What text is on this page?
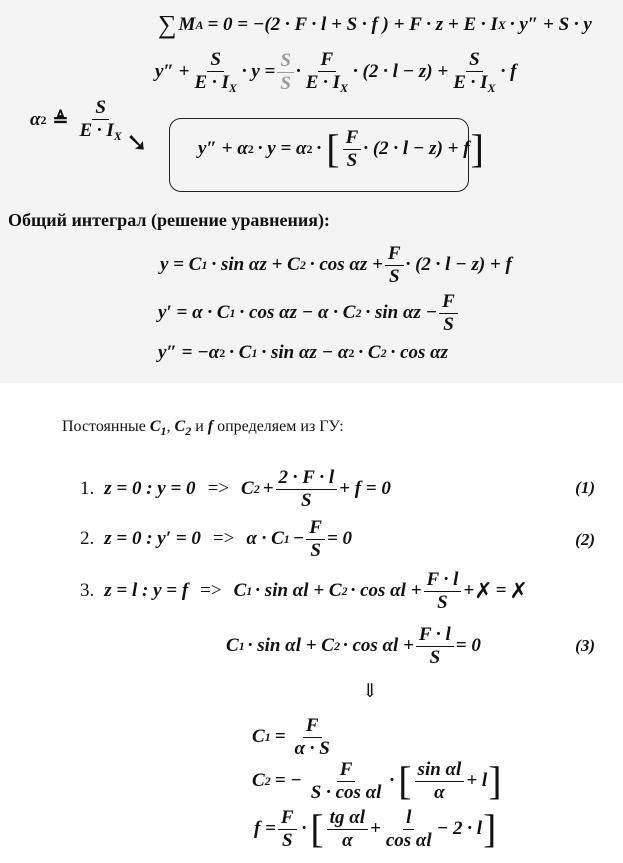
∑ M A = 0 = −(2 · F · l + S · f ) + F · z + E · I X · y″ + S · y
$y'' + \frac{S}{E \cdot I_X} \cdot y = \frac{S}{S} \cdot \frac{F}{E \cdot I_X} \cdot (2 \cdot l - z) + \frac{S}{E \cdot I_X} \cdot f$
α 2 ≜ $\frac{S}{E \cdot I_X}$ ➘	y″ + α 2 · y = α 2 · [ $\frac{F}{S} \cdot (2 \cdot l - z) + f$ ]
Общий интеграл (решение уравнения):
y = C 1 · sin αz + C $2 \cdot \cos \alpha z + \frac{F}{S} \cdot (2 \cdot l - z) + f$
y′ = α · C 1 · cos αz − α · C $2 \cdot \sin \alpha z - \frac{F}{S}$
y″ = −α 2 · C 1 · sin αz − α 2 · C 2 · cos αz
Постоянные $C_1$, $C_2$ и f определяем из ГУ:
1. z = 0 : y = 0 => C $2 + \frac{2 \cdot F \cdot l}{S} + f = 0$	(1)
2. z = 0 : y′ = 0 => α · C $1 - \frac{F}{S} = 0$	(2)
3. z = l : y = f => C 1 · sin αl + C $2 \cdot \cos \alpha l + \frac{F \cdot l}{S}$ + ✗ = ✗
C 1 · sin αl + C $2 \cdot \cos \alpha l + \frac{F \cdot l}{S} = 0$	(3)
⇓
C $1 = \frac{F}{\alpha \cdot S}$
C 2 = − $\frac{F}{\text{S · cos αl}}$ · [ $\frac{\text{sin αl}}{\alpha} + l$ ]
$f = \frac{F}{S}$ · [ $\frac{\text{tg αl}}{\alpha} + \frac{l}{\text{cos αl}} - 2 \cdot l$ ]
